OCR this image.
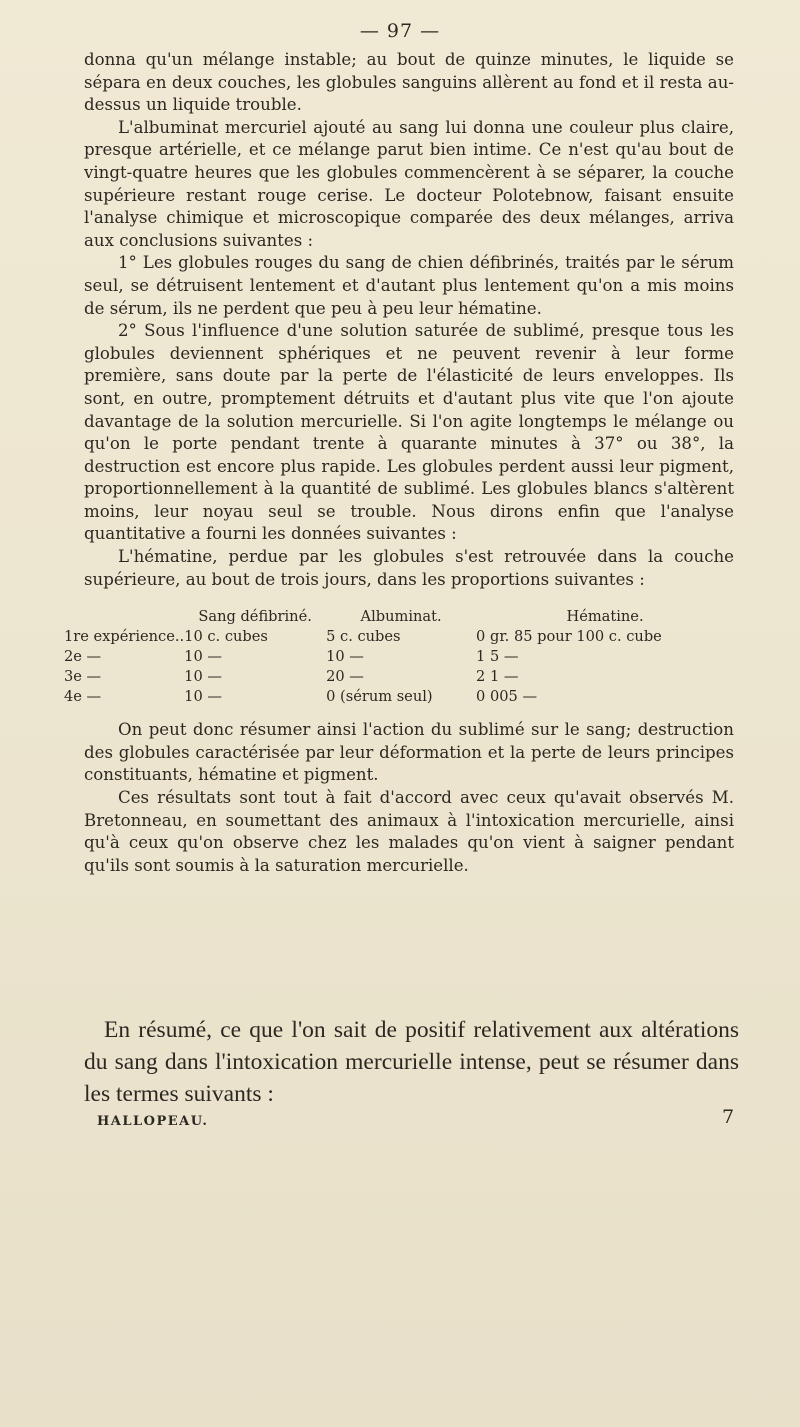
— 97 —

donna qu'un mélange instable; au bout de quinze minutes, le liquide se sépara en deux couches, les globules sanguins allèrent au fond et il resta au-dessus un liquide trouble.

L'albuminat mercuriel ajouté au sang lui donna une couleur plus claire, presque artérielle, et ce mélange parut bien intime. Ce n'est qu'au bout de vingt-quatre heures que les globules commencèrent à se séparer, la couche supérieure restant rouge cerise. Le docteur Polotebnow, faisant ensuite l'analyse chimique et microscopique comparée des deux mélanges, arriva aux conclusions suivantes :

1° Les globules rouges du sang de chien défibrinés, traités par le sérum seul, se détruisent lentement et d'autant plus lentement qu'on a mis moins de sérum, ils ne perdent que peu à peu leur hématine.

2° Sous l'influence d'une solution saturée de sublimé, presque tous les globules deviennent sphériques et ne peuvent revenir à leur forme première, sans doute par la perte de l'élasticité de leurs enveloppes. Ils sont, en outre, promptement détruits et d'autant plus vite que l'on ajoute davantage de la solution mercurielle. Si l'on agite longtemps le mélange ou qu'on le porte pendant trente à quarante minutes à 37° ou 38°, la destruction est encore plus rapide. Les globules perdent aussi leur pigment, proportionnellement à la quantité de sublimé. Les globules blancs s'altèrent moins, leur noyau seul se trouble. Nous dirons enfin que l'analyse quantitative a fourni les données suivantes :

L'hématine, perdue par les globules s'est retrouvée dans la couche supérieure, au bout de trois jours, dans les proportions suivantes :

	Sang défibriné.	Albuminat.	Hématine.
1re expérience..	10 c. cubes	5 c. cubes	0 gr. 85 pour 100 c. cube
2e —	10 —	10 —	1 5 —
3e —	10 —	20 —	2 1 —
4e —	10 —	0 (sérum seul)	0 005 —

On peut donc résumer ainsi l'action du sublimé sur le sang; destruction des globules caractérisée par leur déformation et la perte de leurs principes constituants, hématine et pigment.

Ces résultats sont tout à fait d'accord avec ceux qu'avait observés M. Bretonneau, en soumettant des animaux à l'intoxication mercurielle, ainsi qu'à ceux qu'on observe chez les malades qu'on vient à saigner pendant qu'ils sont soumis à la saturation mercurielle.

En résumé, ce que l'on sait de positif relativement aux altérations du sang dans l'intoxication mercurielle intense, peut se résumer dans les termes suivants :

HALLOPEAU.	7
